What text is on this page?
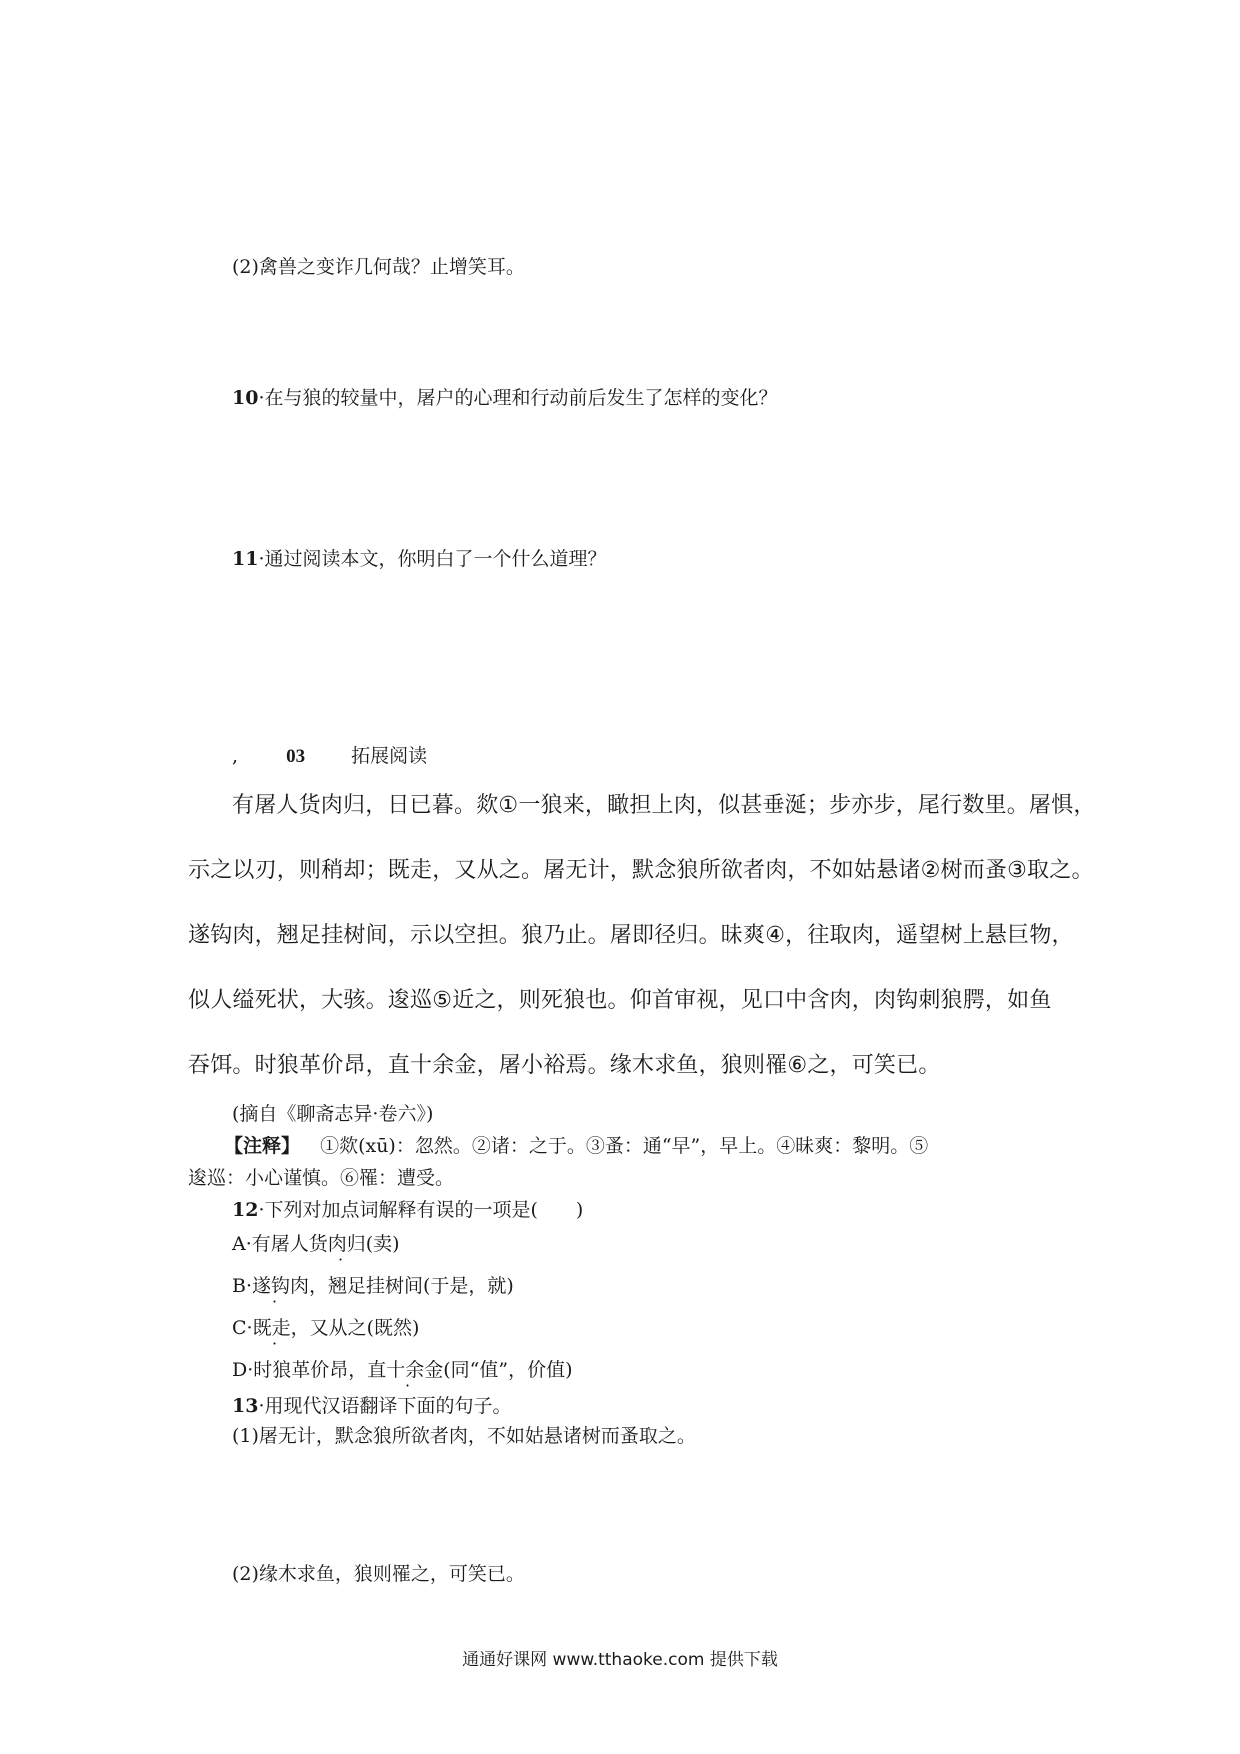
(2)禽兽之变诈几何哉？止增笑耳。
10·在与狼的较量中，屠户的心理和行动前后发生了怎样的变化？
11·通过阅读本文，你明白了一个什么道理？
,	03 拓展阅读
有屠人货肉归，日已暮。欻①一狼来，瞰担上肉，似甚垂涎；步亦步，尾行数里。屠惧，
示之以刃，则稍却；既走，又从之。屠无计，默念狼所欲者肉，不如姑悬诸②树而蚤③取之。
遂钩肉，翘足挂树间，示以空担。狼乃止。屠即径归。昧爽④，往取肉，遥望树上悬巨物，
似人缢死状，大骇。逡巡⑤近之，则死狼也。仰首审视，见口中含肉，肉钩刺狼腭，如鱼
吞饵。时狼革价昂，直十余金，屠小裕焉。缘木求鱼，狼则罹⑥之，可笑已。
(摘自《聊斋志异·卷六》)
【注释】 ①欻(xū)：忽然。②诸：之于。③蚤：通“早”，早上。④昧爽：黎明。⑤
逡巡：小心谨慎。⑥罹：遭受。
12·下列对加点词解释有误的一项是(　　)
A·有屠人货肉归(卖)
B·遂钩肉，翘足挂树间(于是，就)
C·既走，又从之(既然)
D·时狼革价昂，直十余金(同“值”，价值)
·
·
·
·
13·用现代汉语翻译下面的句子。
(1)屠无计，默念狼所欲者肉，不如姑悬诸树而蚤取之。
(2)缘木求鱼，狼则罹之，可笑已。
通通好课网 www.tthaoke.com 提供下载
